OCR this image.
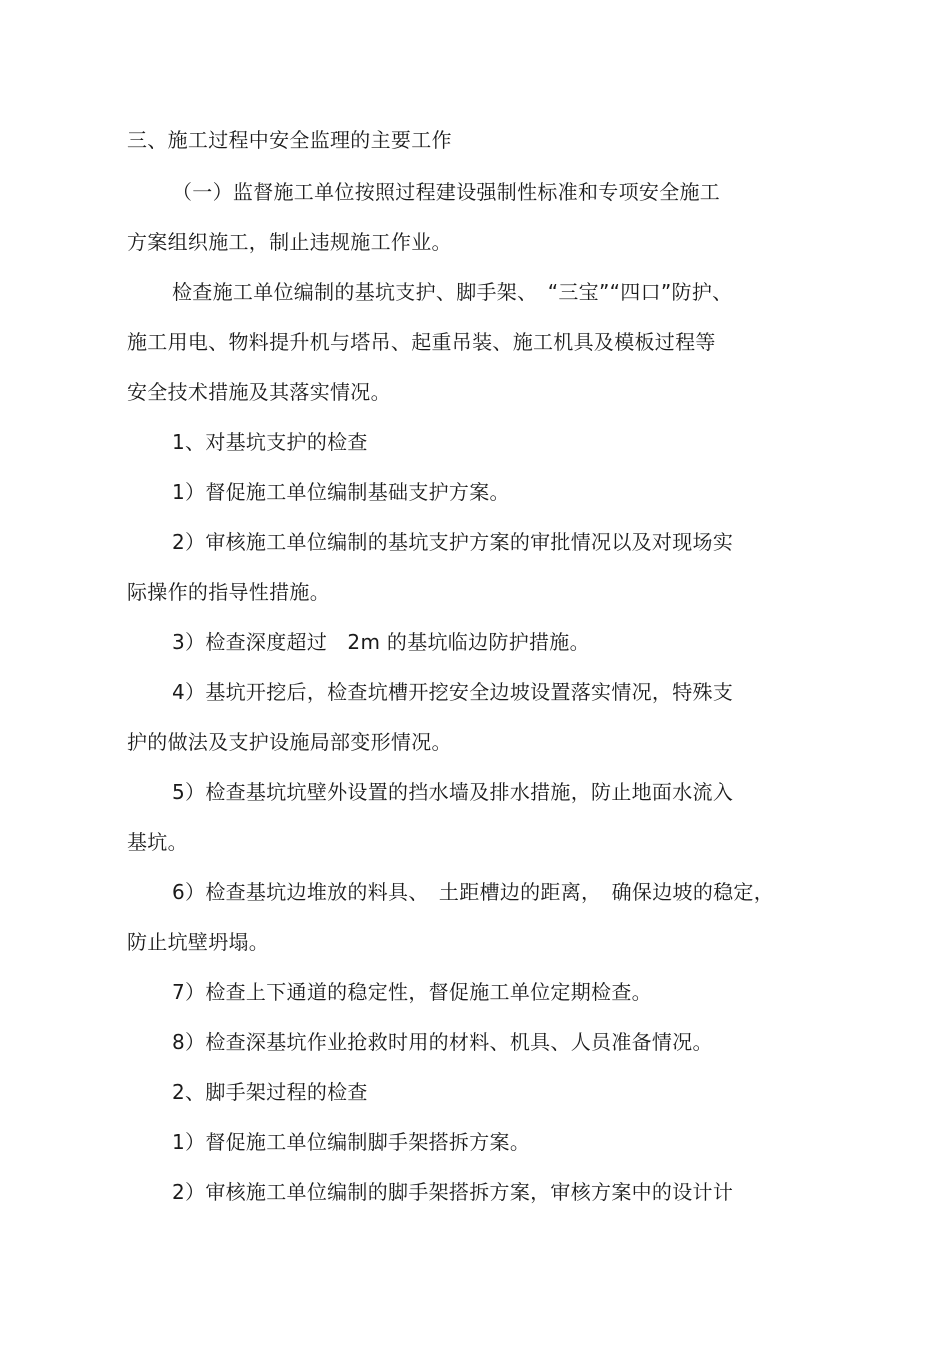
三、施工过程中安全监理的主要工作
（一）监督施工单位按照过程建设强制性标准和专项安全施工
方案组织施工，制止违规施工作业。
检查施工单位编制的基坑支护、脚手架、　“三宝”“四口”防护、
施工用电、物料提升机与塔吊、起重吊装、施工机具及模板过程等
安全技术措施及其落实情况。
1、对基坑支护的检查
1）督促施工单位编制基础支护方案。
2）审核施工单位编制的基坑支护方案的审批情况以及对现场实
际操作的指导性措施。
3）检查深度超过　2m 的基坑临边防护措施。
4）基坑开挖后，检查坑槽开挖安全边坡设置落实情况，特殊支
护的做法及支护设施局部变形情况。
5）检查基坑坑壁外设置的挡水墙及排水措施，防止地面水流入
基坑。
6）检查基坑边堆放的料具、　土距槽边的距离，　确保边坡的稳定，
防止坑壁坍塌。
7）检查上下通道的稳定性，督促施工单位定期检查。
8）检查深基坑作业抢救时用的材料、机具、人员准备情况。
2、脚手架过程的检查
1）督促施工单位编制脚手架搭拆方案。
2）审核施工单位编制的脚手架搭拆方案，审核方案中的设计计
